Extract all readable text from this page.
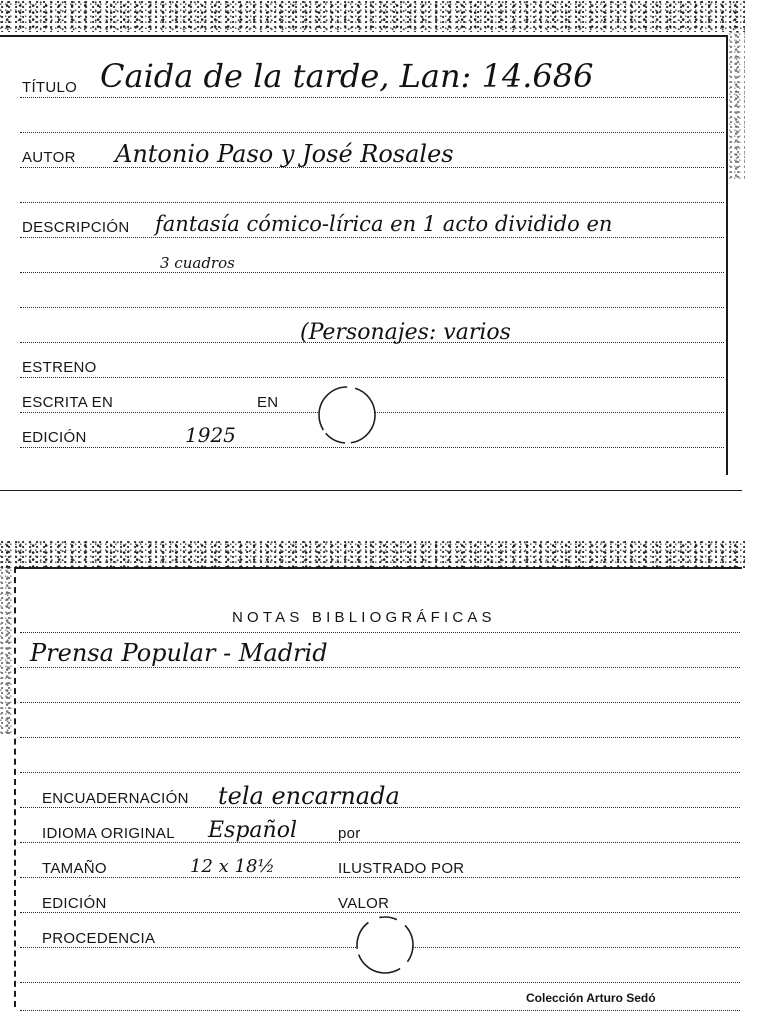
TÍTULO Caida de la tarde, Lan: 14.686
AUTOR Antonio Paso y José Rosales
DESCRIPCIÓN fantasía cómico-lírica en 1 acto dividido en
3 cuadros
(Personajes: varios
ESTRENO
ESCRITA EN	EN
EDICIÓN	1925
NOTAS BIBLIOGRÁFICAS
Prensa Popular - Madrid
ENCUADERNACIÓN tela encarnada
IDIOMA ORIGINAL Español	por
TAMAÑO	12 x 18½	ILUSTRADO POR
EDICIÓN	VALOR
PROCEDENCIA
Colección Arturo Sedó
